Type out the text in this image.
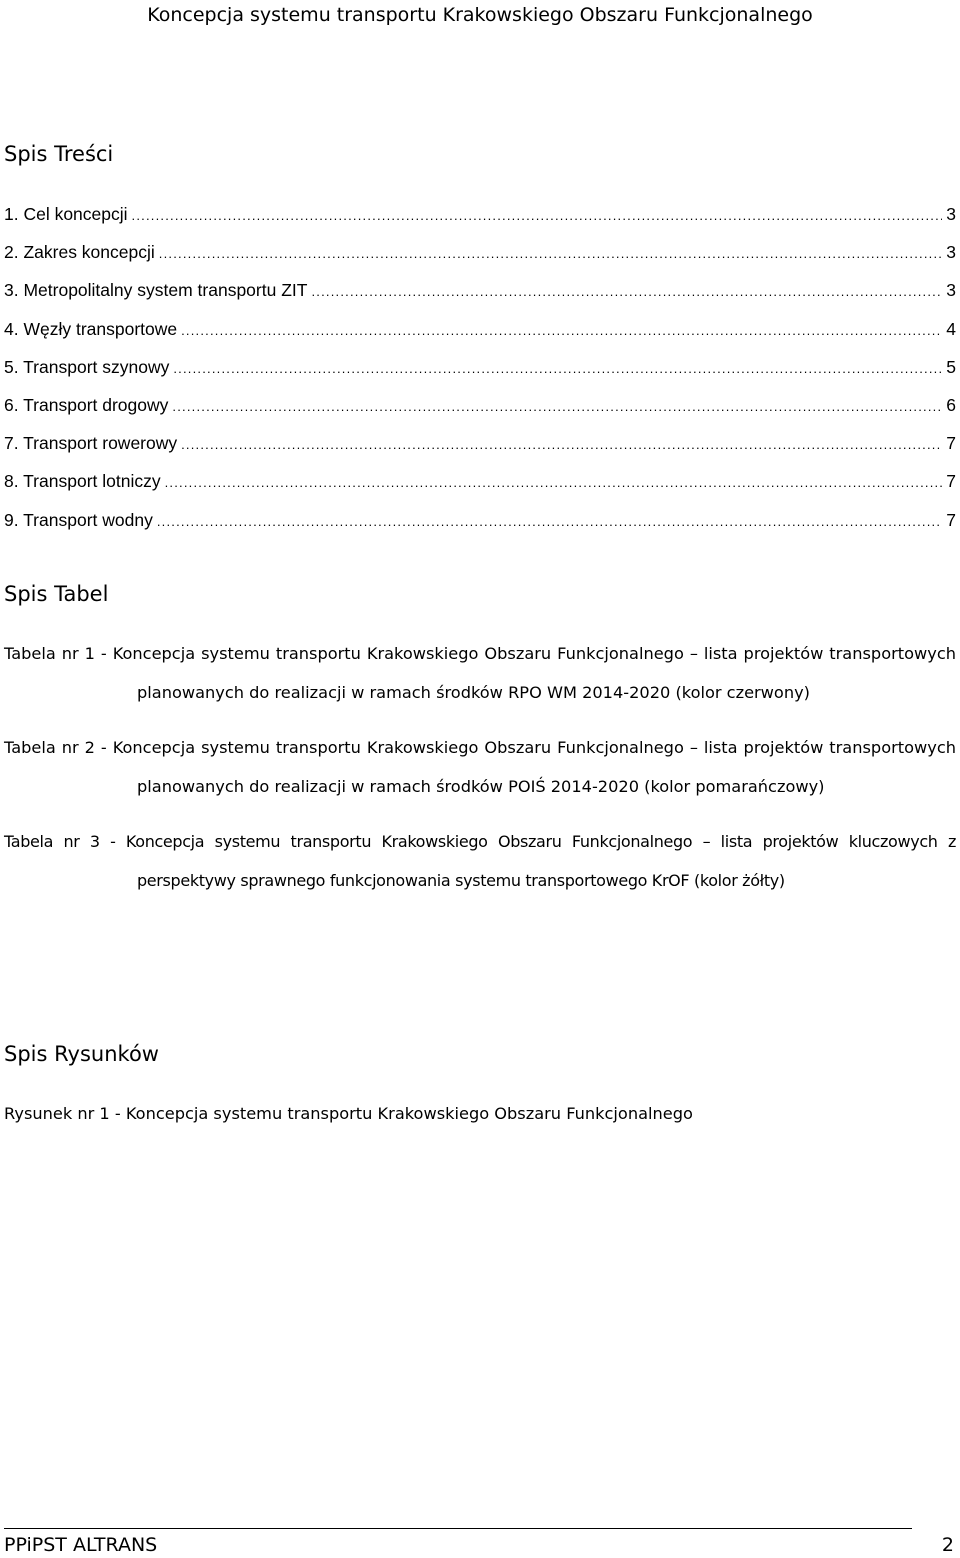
Koncepcja systemu transportu Krakowskiego Obszaru Funkcjonalnego
Spis Treści
1. Cel koncepcji .....	3
2. Zakres koncepcji .....	3
3. Metropolitalny system transportu ZIT .....	3
4. Węzły transportowe .....	4
5. Transport szynowy .....	5
6. Transport drogowy .....	6
7. Transport rowerowy .....	7
8. Transport lotniczy .....	7
9. Transport wodny .....	7
Spis Tabel
Tabela nr 1 - Koncepcja systemu transportu Krakowskiego Obszaru Funkcjonalnego – lista projektów transportowych planowanych do realizacji w ramach środków RPO WM 2014-2020 (kolor czerwony)
Tabela nr 2 - Koncepcja systemu transportu Krakowskiego Obszaru Funkcjonalnego – lista projektów transportowych planowanych do realizacji w ramach środków POIŚ 2014-2020 (kolor pomarańczowy)
Tabela nr 3 - Koncepcja systemu transportu Krakowskiego Obszaru Funkcjonalnego – lista projektów kluczowych z perspektywy sprawnego funkcjonowania systemu transportowego KrOF (kolor żółty)
Spis Rysunków
Rysunek nr 1 - Koncepcja systemu transportu Krakowskiego Obszaru Funkcjonalnego
PPiPST ALTRANS	2
